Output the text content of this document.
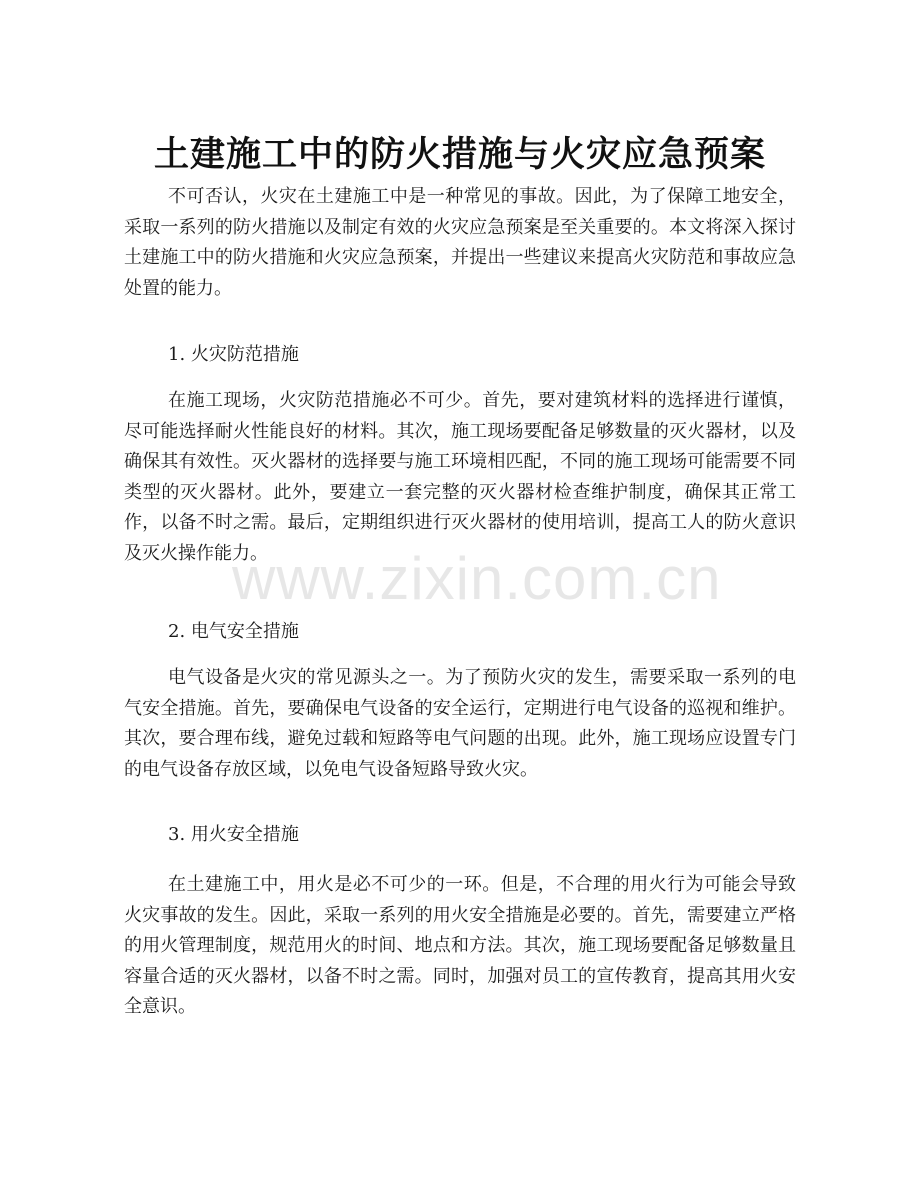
土建施工中的防火措施与火灾应急预案

不可否认，火灾在土建施工中是一种常见的事故。因此，为了保障工地安全，采取一系列的防火措施以及制定有效的火灾应急预案是至关重要的。本文将深入探讨土建施工中的防火措施和火灾应急预案，并提出一些建议来提高火灾防范和事故应急处置的能力。

1. 火灾防范措施

在施工现场，火灾防范措施必不可少。首先，要对建筑材料的选择进行谨慎，尽可能选择耐火性能良好的材料。其次，施工现场要配备足够数量的灭火器材，以及确保其有效性。灭火器材的选择要与施工环境相匹配，不同的施工现场可能需要不同类型的灭火器材。此外，要建立一套完整的灭火器材检查维护制度，确保其正常工作，以备不时之需。最后，定期组织进行灭火器材的使用培训，提高工人的防火意识及灭火操作能力。

2. 电气安全措施

电气设备是火灾的常见源头之一。为了预防火灾的发生，需要采取一系列的电气安全措施。首先，要确保电气设备的安全运行，定期进行电气设备的巡视和维护。其次，要合理布线，避免过载和短路等电气问题的出现。此外，施工现场应设置专门的电气设备存放区域，以免电气设备短路导致火灾。

3. 用火安全措施

在土建施工中，用火是必不可少的一环。但是，不合理的用火行为可能会导致火灾事故的发生。因此，采取一系列的用火安全措施是必要的。首先，需要建立严格的用火管理制度，规范用火的时间、地点和方法。其次，施工现场要配备足够数量且容量合适的灭火器材，以备不时之需。同时，加强对员工的宣传教育，提高其用火安全意识。

www.zixin.com.cn
